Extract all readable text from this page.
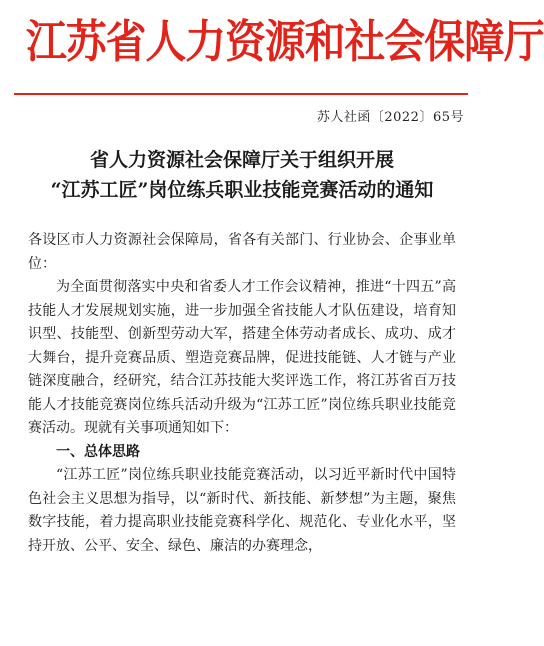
江苏省人力资源和社会保障厅
苏人社函〔2022〕65号
省人力资源社会保障厅关于组织开展
“江苏工匠”岗位练兵职业技能竞赛活动的通知

各设区市人力资源社会保障局，省各有关部门、行业协会、企事业单位：

为全面贯彻落实中央和省委人才工作会议精神，推进“十四五”高技能人才发展规划实施，进一步加强全省技能人才队伍建设，培育知识型、技能型、创新型劳动大军，搭建全体劳动者成长、成功、成才大舞台，提升竞赛品质、塑造竞赛品牌，促进技能链、人才链与产业链深度融合，经研究，结合江苏技能大奖评选工作，将江苏省百万技能人才技能竞赛岗位练兵活动升级为“江苏工匠”岗位练兵职业技能竞赛活动。现就有关事项通知如下：

一、总体思路

“江苏工匠”岗位练兵职业技能竞赛活动，以习近平新时代中国特色社会主义思想为指导，以“新时代、新技能、新梦想”为主题，聚焦数字技能，着力提高职业技能竞赛科学化、规范化、专业化水平，坚持开放、公平、安全、绿色、廉洁的办赛理念，
